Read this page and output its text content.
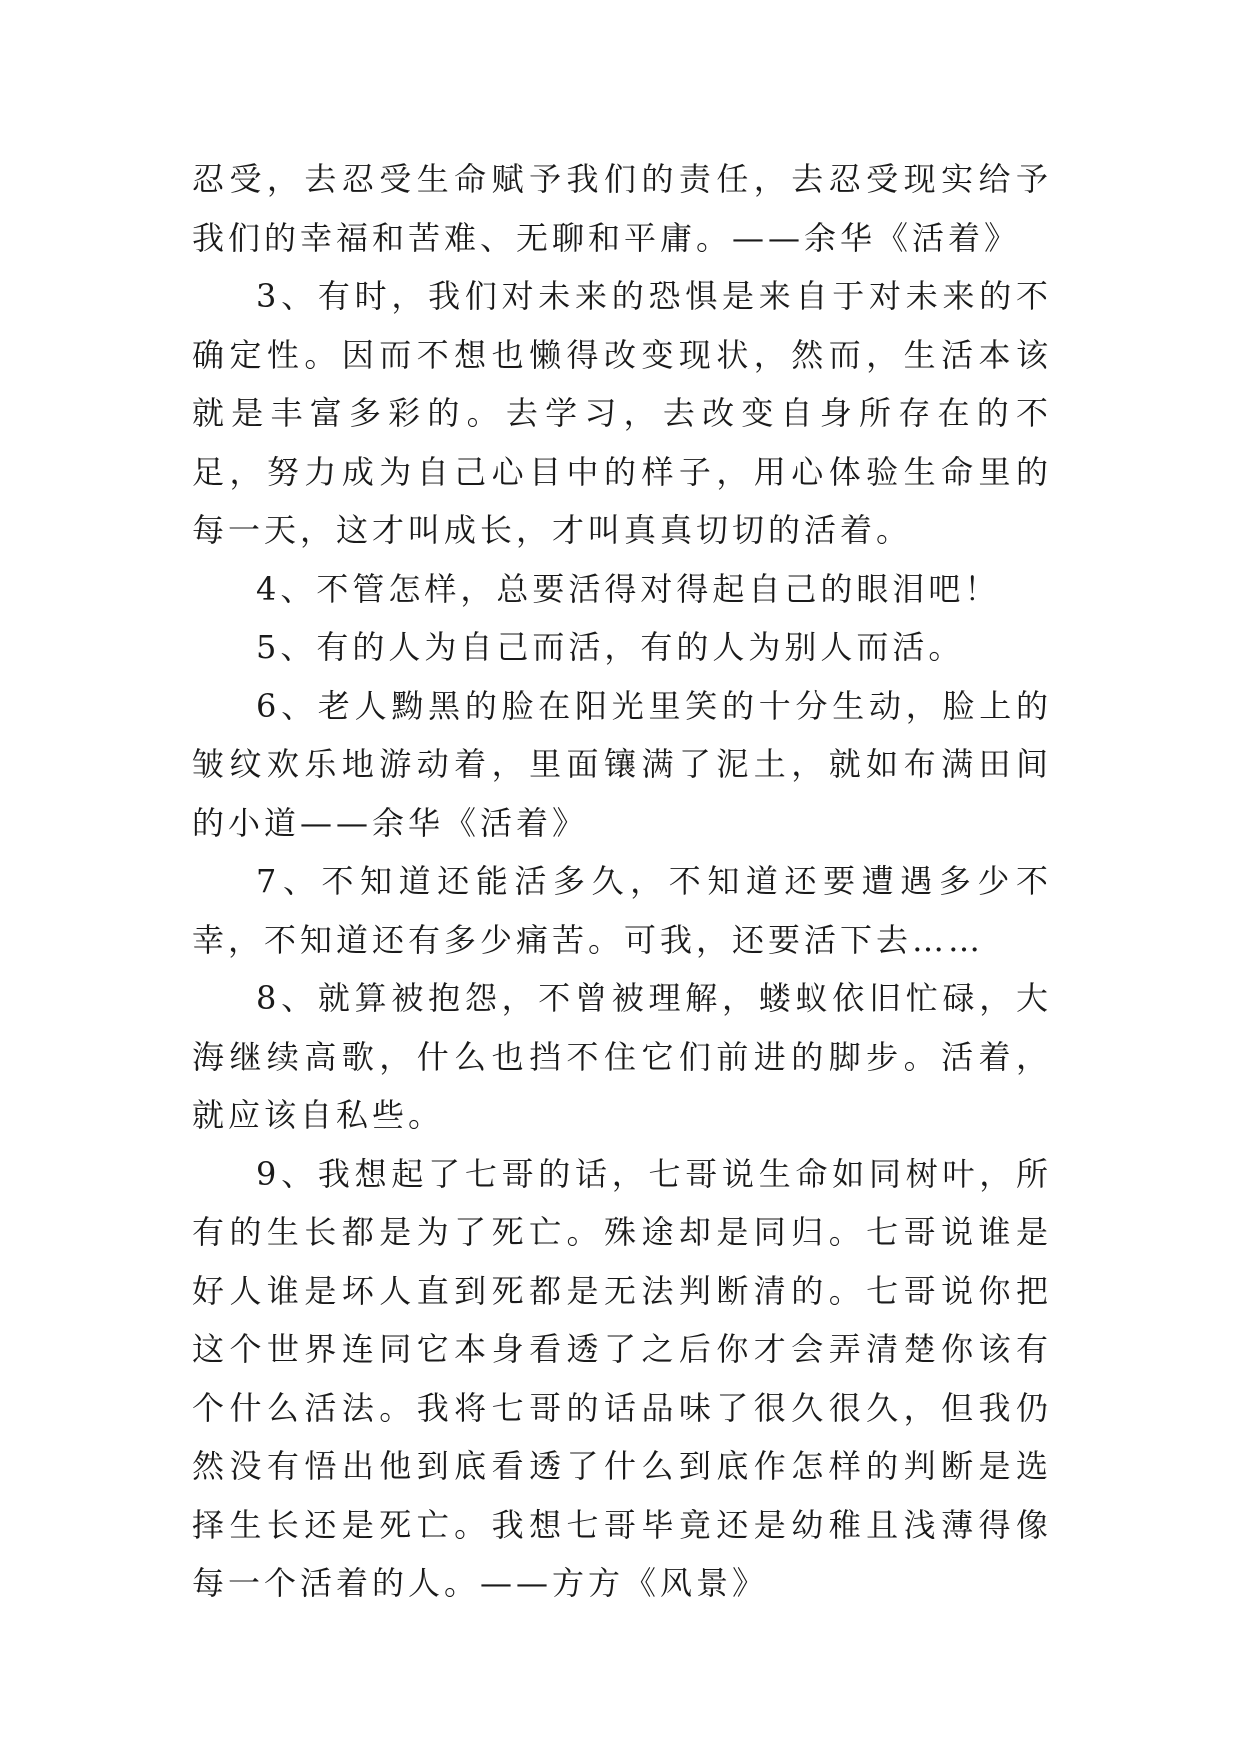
忍受，去忍受生命赋予我们的责任，去忍受现实给予我们的幸福和苦难、无聊和平庸。——余华《活着》

3、有时，我们对未来的恐惧是来自于对未来的不确定性。因而不想也懒得改变现状，然而，生活本该就是丰富多彩的。去学习，去改变自身所存在的不足，努力成为自己心目中的样子，用心体验生命里的每一天，这才叫成长，才叫真真切切的活着。

4、不管怎样，总要活得对得起自己的眼泪吧！

5、有的人为自己而活，有的人为别人而活。

6、老人黝黑的脸在阳光里笑的十分生动，脸上的皱纹欢乐地游动着，里面镶满了泥土，就如布满田间的小道——余华《活着》

7、不知道还能活多久，不知道还要遭遇多少不幸，不知道还有多少痛苦。可我，还要活下去……

8、就算被抱怨，不曾被理解，蝼蚁依旧忙碌，大海继续高歌，什么也挡不住它们前进的脚步。活着，就应该自私些。

9、我想起了七哥的话，七哥说生命如同树叶，所有的生长都是为了死亡。殊途却是同归。七哥说谁是好人谁是坏人直到死都是无法判断清的。七哥说你把这个世界连同它本身看透了之后你才会弄清楚你该有个什么活法。我将七哥的话品味了很久很久，但我仍然没有悟出他到底看透了什么到底作怎样的判断是选择生长还是死亡。我想七哥毕竟还是幼稚且浅薄得像每一个活着的人。——方方《风景》
